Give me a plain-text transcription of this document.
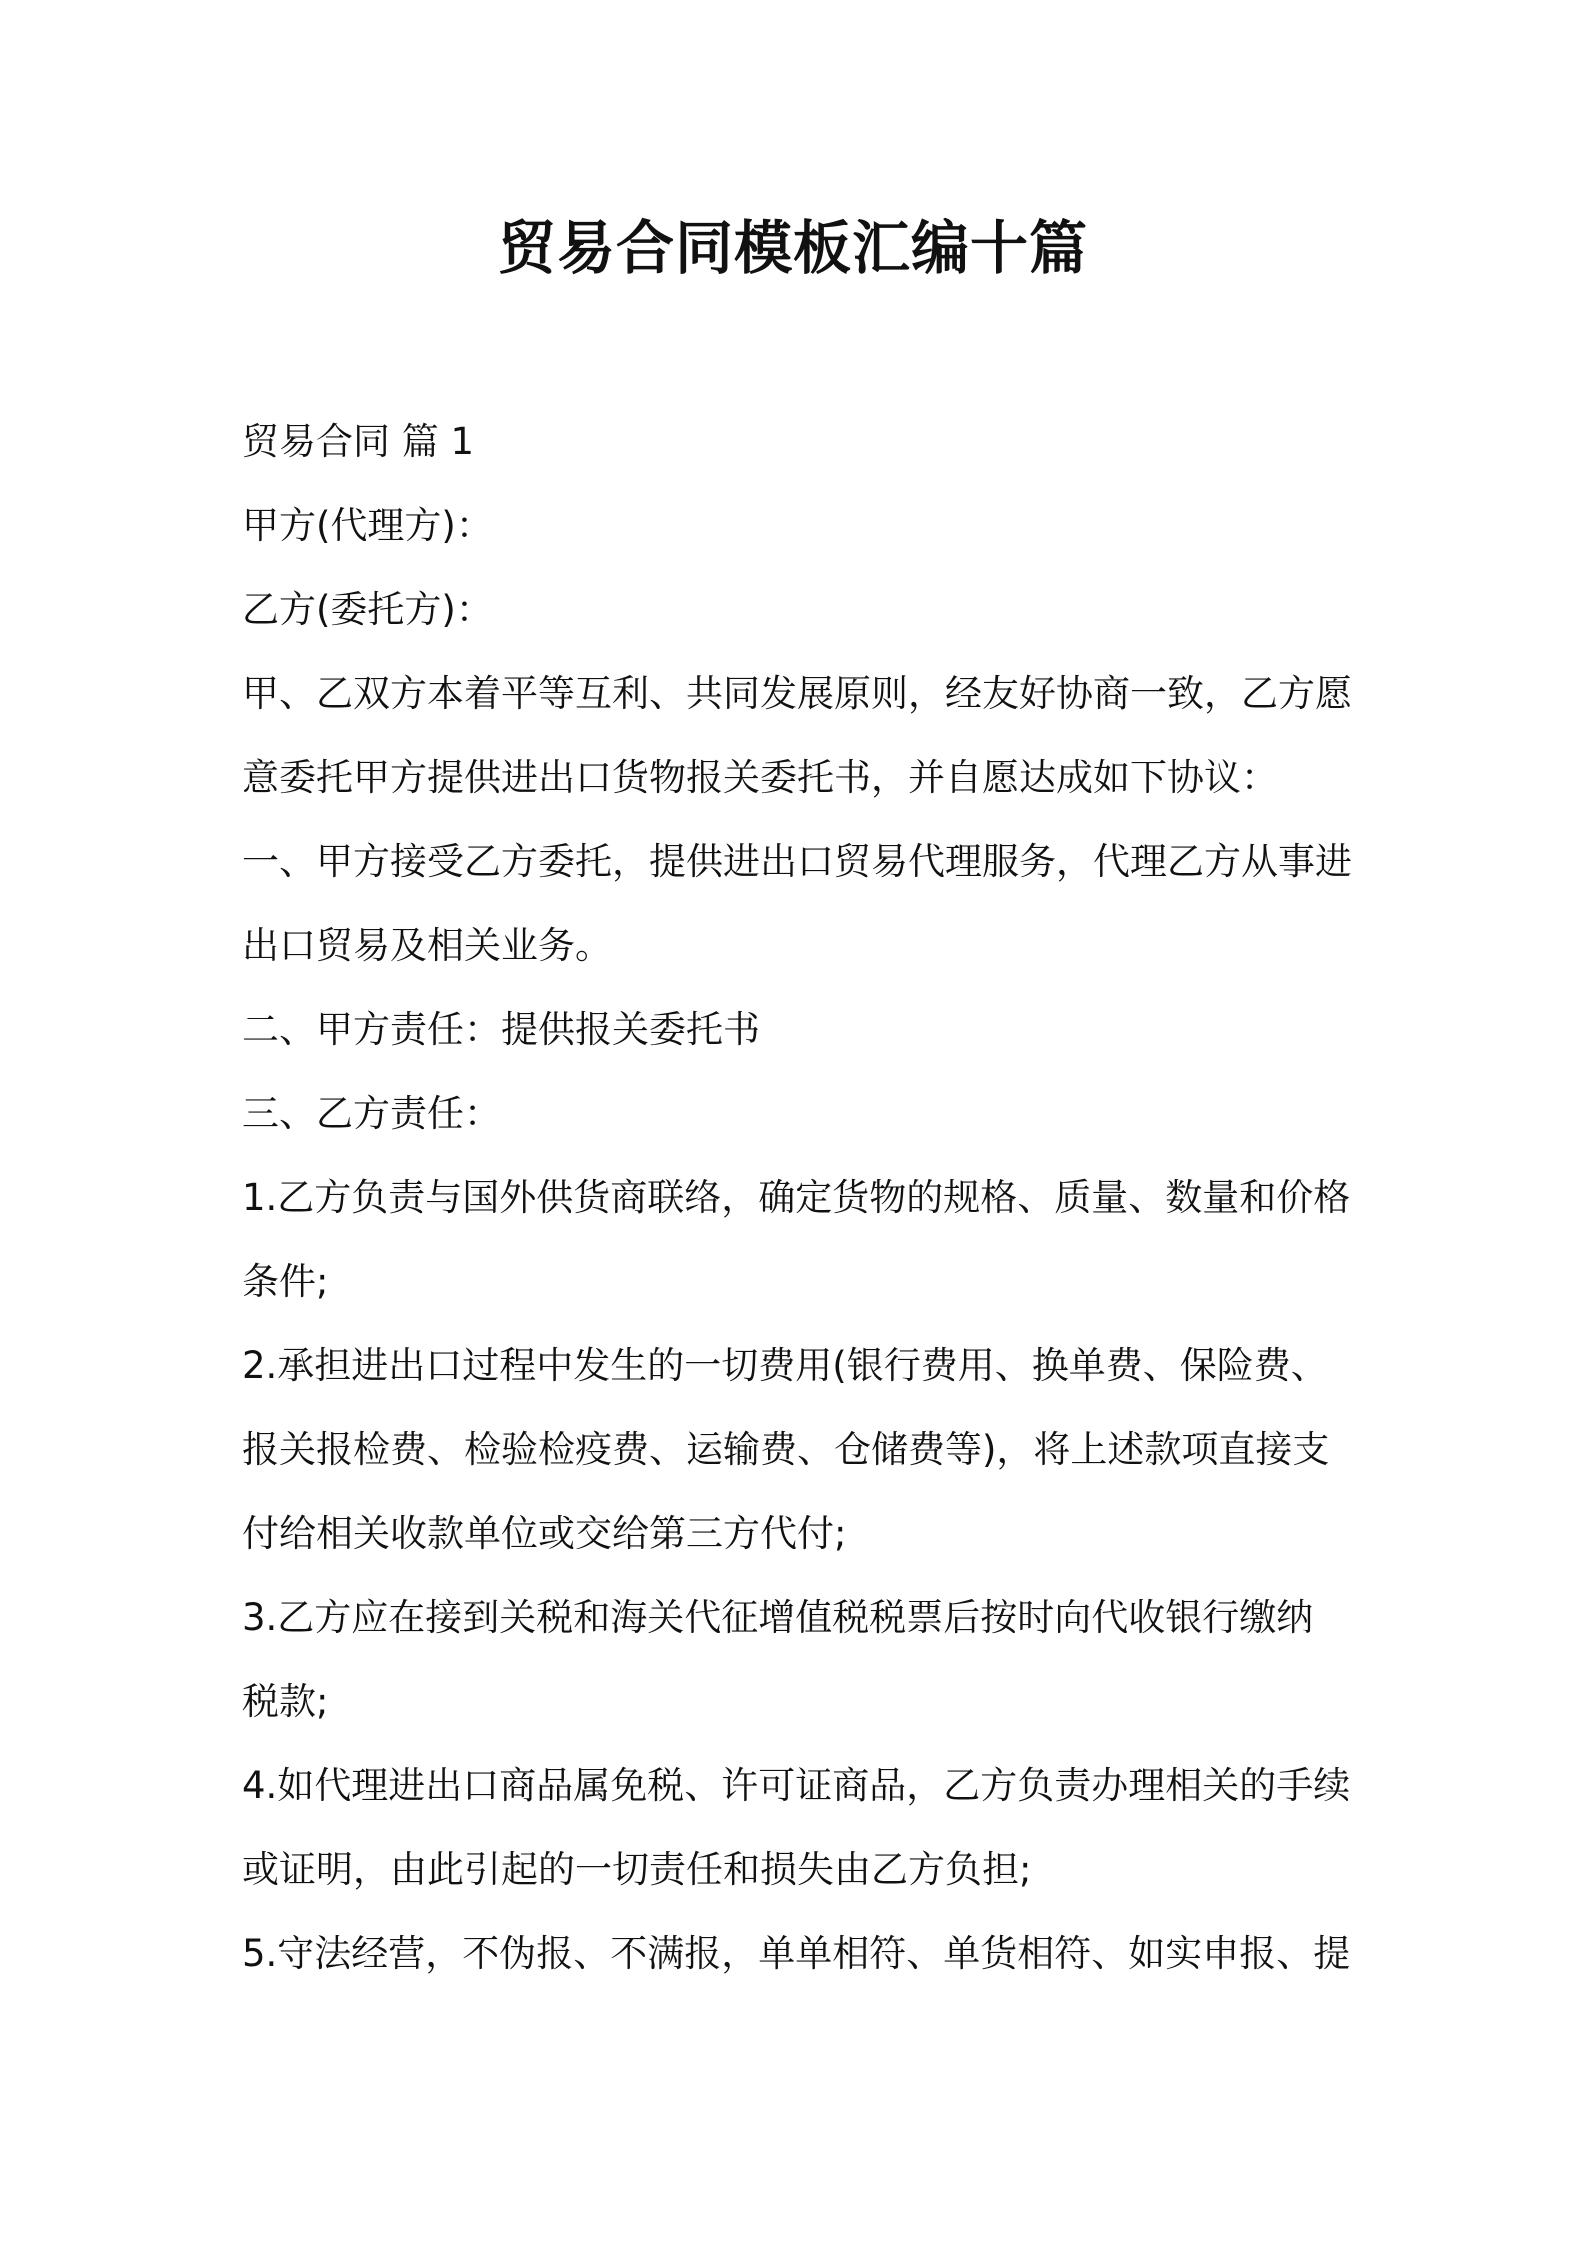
贸易合同模板汇编十篇

贸易合同 篇 1

甲方(代理方)：

乙方(委托方)：

甲、乙双方本着平等互利、共同发展原则，经友好协商一致，乙方愿

意委托甲方提供进出口货物报关委托书，并自愿达成如下协议：

一、甲方接受乙方委托，提供进出口贸易代理服务，代理乙方从事进

出口贸易及相关业务。

二、甲方责任：提供报关委托书

三、乙方责任：

1.乙方负责与国外供货商联络，确定货物的规格、质量、数量和价格

条件;

2.承担进出口过程中发生的一切费用(银行费用、换单费、保险费、

报关报检费、检验检疫费、运输费、仓储费等)，将上述款项直接支

付给相关收款单位或交给第三方代付;

3.乙方应在接到关税和海关代征增值税税票后按时向代收银行缴纳

税款;

4.如代理进出口商品属免税、许可证商品，乙方负责办理相关的手续

或证明，由此引起的一切责任和损失由乙方负担;

5.守法经营，不伪报、不满报，单单相符、单货相符、如实申报、提
